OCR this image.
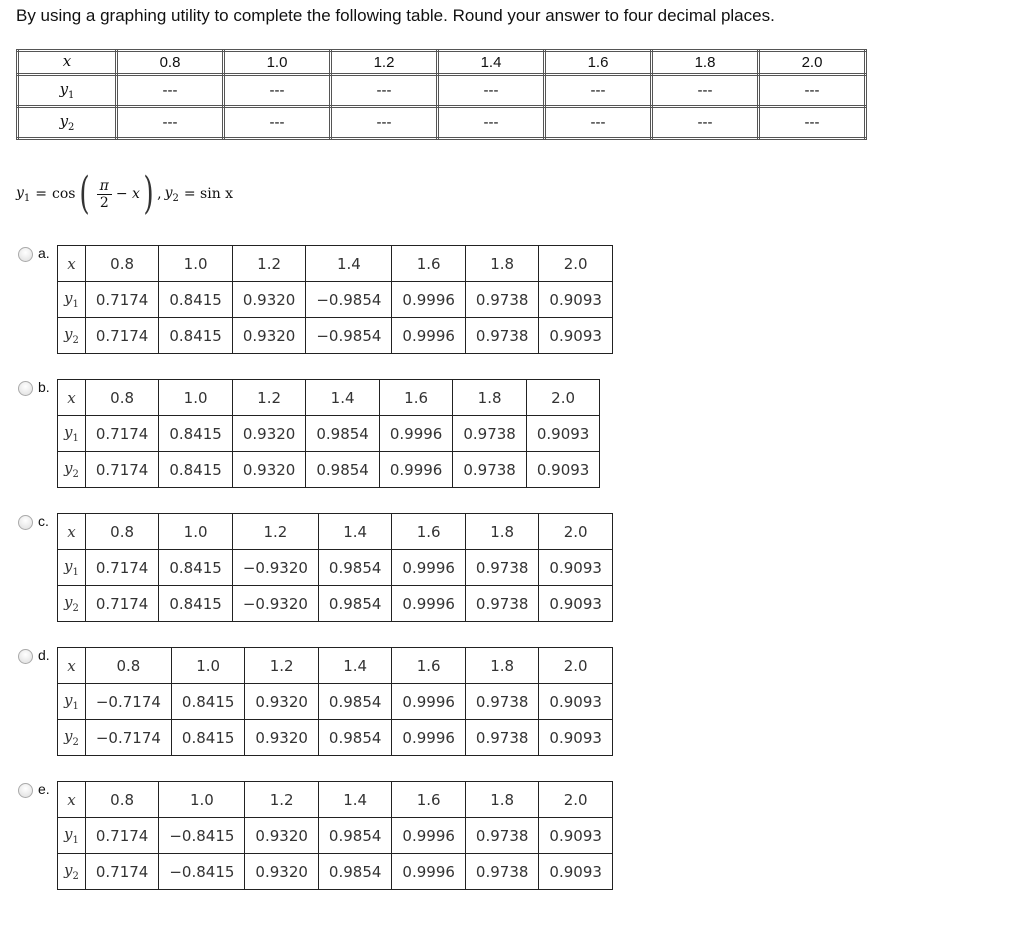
By using a graphing utility to complete the following table. Round your answer to four decimal places.
x	0.8	1.0	1.2	1.4	1.6	1.8	2.0
$y_1$	---	---	---	---	---	---	---
$y_2$	---	---	---	---	---	---	---
$y_1 = \cos$ ( $\frac{\pi}{2} - x$ ) , $y_2 = \sin x$
a.
x	0.8	1.0	1.2	1.4	1.6	1.8	2.0
$y_1$	0.7174	0.8415	0.9320	−0.9854	0.9996	0.9738	0.9093
$y_2$	0.7174	0.8415	0.9320	−0.9854	0.9996	0.9738	0.9093
b.
x	0.8	1.0	1.2	1.4	1.6	1.8	2.0
$y_1$	0.7174	0.8415	0.9320	0.9854	0.9996	0.9738	0.9093
$y_2$	0.7174	0.8415	0.9320	0.9854	0.9996	0.9738	0.9093
c.
x	0.8	1.0	1.2	1.4	1.6	1.8	2.0
$y_1$	0.7174	0.8415	−0.9320	0.9854	0.9996	0.9738	0.9093
$y_2$	0.7174	0.8415	−0.9320	0.9854	0.9996	0.9738	0.9093
d.
x	0.8	1.0	1.2	1.4	1.6	1.8	2.0
$y_1$	−0.7174	0.8415	0.9320	0.9854	0.9996	0.9738	0.9093
$y_2$	−0.7174	0.8415	0.9320	0.9854	0.9996	0.9738	0.9093
e.
x	0.8	1.0	1.2	1.4	1.6	1.8	2.0
$y_1$	0.7174	−0.8415	0.9320	0.9854	0.9996	0.9738	0.9093
$y_2$	0.7174	−0.8415	0.9320	0.9854	0.9996	0.9738	0.9093
